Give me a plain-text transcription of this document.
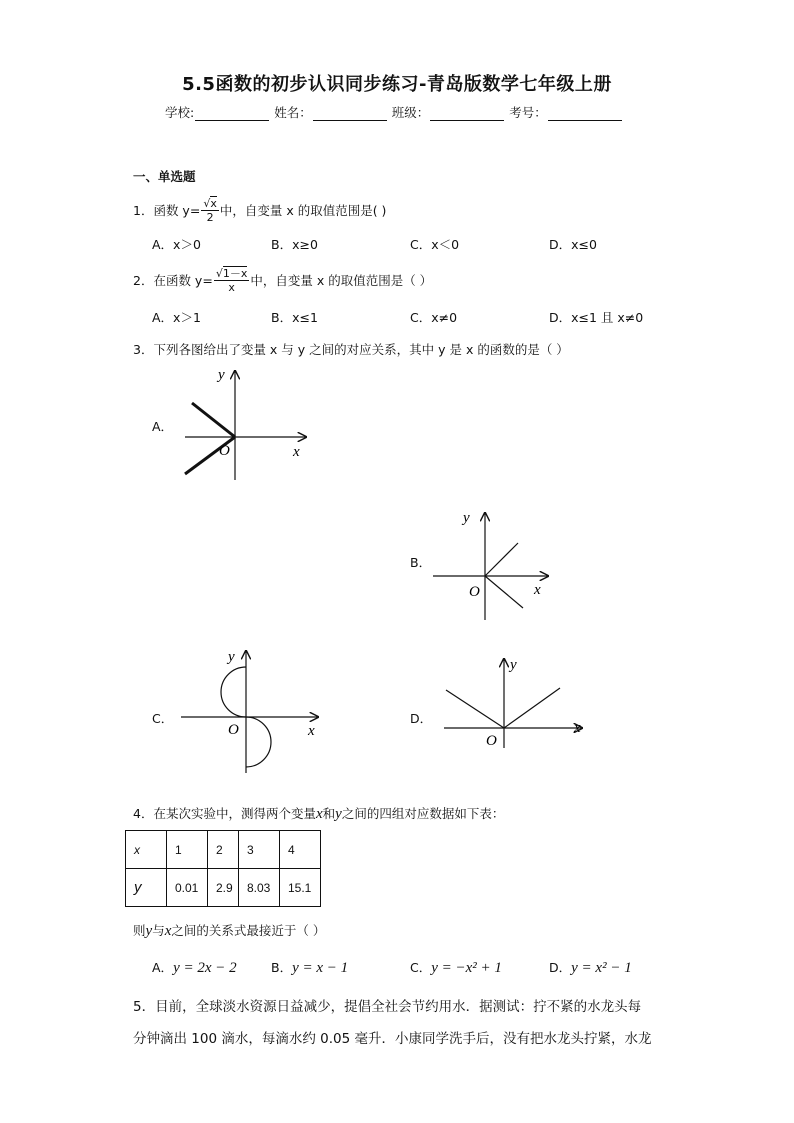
5.5函数的初步认识同步练习-青岛版数学七年级上册
学校:	姓名：	班级：	考号：
一、单选题
1． 函数 $y= \frac{√x}{2}$ 中，自变量 x 的取值范围是( )
A．x＞0	B．x≥0	C．x＜0	D．x≤0
2． 在函数 $y= \frac{√1-x}{x}$ 中，自变量 x 的取值范围是（ ）
A．x＞1	B．x≤1	C．x≠0	D．x≤1 且 x≠0
3．下列各图给出了变量 x 与 y 之间的对应关系，其中 y 是 x 的函数的是（ ）
A．
y
x
O
B．
y
x
O
C．
y
x
O
D．
y
x
O
4．在某次实验中，测得两个变量x和y之间的四组对应数据如下表：
x	1	2	3	4
y	0.01	2.9	8.03	15.1
则y与x之间的关系式最接近于（ ）
A．y = 2x − 2	B．y = x − 1	C．y = −x² + 1	D．y = x² − 1
5．目前，全球淡水资源日益减少，提倡全社会节约用水．据测试：拧不紧的水龙头每
分钟滴出 100 滴水，每滴水约 0.05 毫升．小康同学洗手后，没有把水龙头拧紧，水龙
